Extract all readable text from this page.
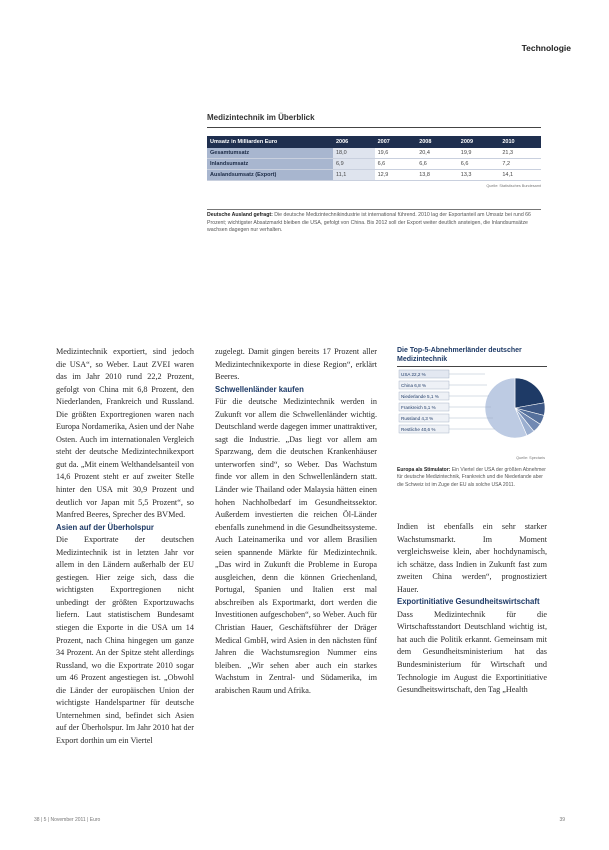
Technologie
Medizintechnik im Überblick
Umsatz in Milliarden Euro	2006	2007	2008	2009	2010
Gesamtumsatz	18,0	19,6	20,4	19,9	21,3
Inlandsumsatz	6,9	6,6	6,6	6,6	7,2
Auslandsumsatz (Export)	11,1	12,9	13,8	13,3	14,1
Quelle: Statistisches Bundesamt
Deutsche Ausland gefragt: Die deutsche Medizintechnikindustrie ist international führend. 2010 lag der Exportanteil am Umsatz bei rund 66 Prozent; wichtigster Absatzmarkt bleiben die USA, gefolgt von China. Bis 2012 soll der Export weiter deutlich ansteigen, die Inlandsumsätze wachsen dagegen nur verhalten.

Medizintechnik exportiert, sind jedoch die USA“, so Weber. Laut ZVEI waren das im Jahr 2010 rund 22,2 Prozent, gefolgt von China mit 6,8 Prozent, den Niederlanden, Frankreich und Russland. Die größten Exportregionen waren nach Europa Nordamerika, Asien und der Nahe Osten. Auch im internationalen Vergleich steht der deutsche Medizintechnikexport gut da. „Mit einem Welthandelsanteil von 14,6 Prozent steht er auf zweiter Stelle hinter den USA mit 30,9 Prozent und deutlich vor Japan mit 5,5 Prozent“, so Manfred Beeres, Sprecher des BVMed.

Asien auf der Überholspur

Die Exportrate der deutschen Medizintechnik ist in letzten Jahr vor allem in den Ländern außerhalb der EU gestiegen. Hier zeige sich, dass die wichtigsten Exportregionen nicht unbedingt der größten Exportzuwachs liefern. Laut statistischem Bundesamt stiegen die Exporte in die USA um 14 Prozent, nach China hingegen um ganze 34 Prozent. An der Spitze steht allerdings Russland, wo die Exportrate 2010 sogar um 46 Prozent angestiegen ist. „Obwohl die Länder der europäischen Union der wichtigste Handelspartner für deutsche Unternehmen sind, befindet sich Asien auf der Überholspur. Im Jahr 2010 hat der Export dorthin um ein Viertel

zugelegt. Damit gingen bereits 17 Prozent aller Medizintechnikexporte in diese Region“, erklärt Beeres.

Schwellenländer kaufen

Für die deutsche Medizintechnik werden in Zukunft vor allem die Schwellenländer wichtig. Deutschland werde dagegen immer unattraktiver, sagt die Industrie. „Das liegt vor allem am Sparzwang, dem die deutschen Krankenhäuser unterworfen sind“, so Weber. Das Wachstum finde vor allem in den Schwellenländern statt. Länder wie Thailand oder Malaysia hätten einen hohen Nachholbedarf im Gesundheitssektor. Außerdem investierten die reichen Öl-Länder ebenfalls zunehmend in die Gesundheitssysteme. Auch Lateinamerika und vor allem Brasilien seien spannende Märkte für Medizintechnik. „Das wird in Zukunft die Probleme in Europa ausgleichen, denn die können Griechenland, Portugal, Spanien und Italien erst mal abschreiben als Exportmarkt, dort werden die Investitionen aufgeschoben“, so Weber. Auch für Christian Hauer, Geschäftsführer der Dräger Medical GmbH, wird Asien in den nächsten fünf Jahren die Wachstumsregion Nummer eins bleiben. „Wir sehen aber auch ein starkes Wachstum in Zentral- und Südamerika, im arabischen Raum und Afrika.

Die Top-5-Abnehmerländer deutscher Medizintechnik
USA 22,2 %
China 6,8 %
Niederlande 5,1 %
Frankreich 5,1 %
Russland 4,3 %
Restliche 40,6 %
Quelle: Spectaris
Europa als Stimulator: Ein Viertel der USA der größten Abnehmer für deutsche Medizintechnik, Frankreich und die Niederlande aber die Schweiz ist im Zuge der EU als solche USA 2011.

Indien ist ebenfalls ein sehr starker Wachstumsmarkt. Im Moment vergleichsweise klein, aber hochdynamisch, ich schätze, dass Indien in Zukunft fast zum zweiten China werden“, prognostiziert Hauer.

Exportinitiative Gesundheitswirtschaft

Dass Medizintechnik für die Wirtschaftsstandort Deutschland wichtig ist, hat auch die Politik erkannt. Gemeinsam mit dem Gesundheitsministerium hat das Bundesministerium für Wirtschaft und Technologie im August die Exportinitiative Gesundheitswirtschaft, den Tag „Health

38 | 5 | November 2011 | Euro	39
